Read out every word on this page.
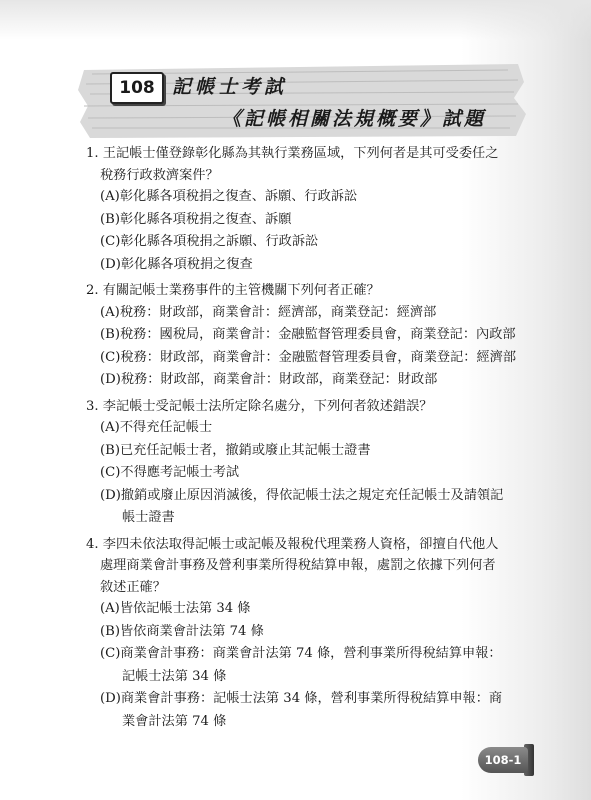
108 記帳士考試
《記帳相關法規概要》試題
1. 王記帳士僅登錄彰化縣為其執行業務區域，下列何者是其可受委任之
稅務行政救濟案件？
(A)彰化縣各項稅捐之復查、訴願、行政訴訟
(B)彰化縣各項稅捐之復查、訴願
(C)彰化縣各項稅捐之訴願、行政訴訟
(D)彰化縣各項稅捐之復查
2. 有關記帳士業務事件的主管機關下列何者正確？
(A)稅務：財政部，商業會計：經濟部，商業登記：經濟部
(B)稅務：國稅局，商業會計：金融監督管理委員會，商業登記：內政部
(C)稅務：財政部，商業會計：金融監督管理委員會，商業登記：經濟部
(D)稅務：財政部，商業會計：財政部，商業登記：財政部
3. 李記帳士受記帳士法所定除名處分，下列何者敘述錯誤？
(A)不得充任記帳士
(B)已充任記帳士者，撤銷或廢止其記帳士證書
(C)不得應考記帳士考試
(D)撤銷或廢止原因消滅後，得依記帳士法之規定充任記帳士及請領記
帳士證書
4. 李四未依法取得記帳士或記帳及報稅代理業務人資格，卻擅自代他人
處理商業會計事務及營利事業所得稅結算申報，處罰之依據下列何者
敘述正確？
(A)皆依記帳士法第 34 條
(B)皆依商業會計法第 74 條
(C)商業會計事務：商業會計法第 74 條，營利事業所得稅結算申報：
記帳士法第 34 條
(D)商業會計事務：記帳士法第 34 條，營利事業所得稅結算申報：商
業會計法第 74 條
108-1
